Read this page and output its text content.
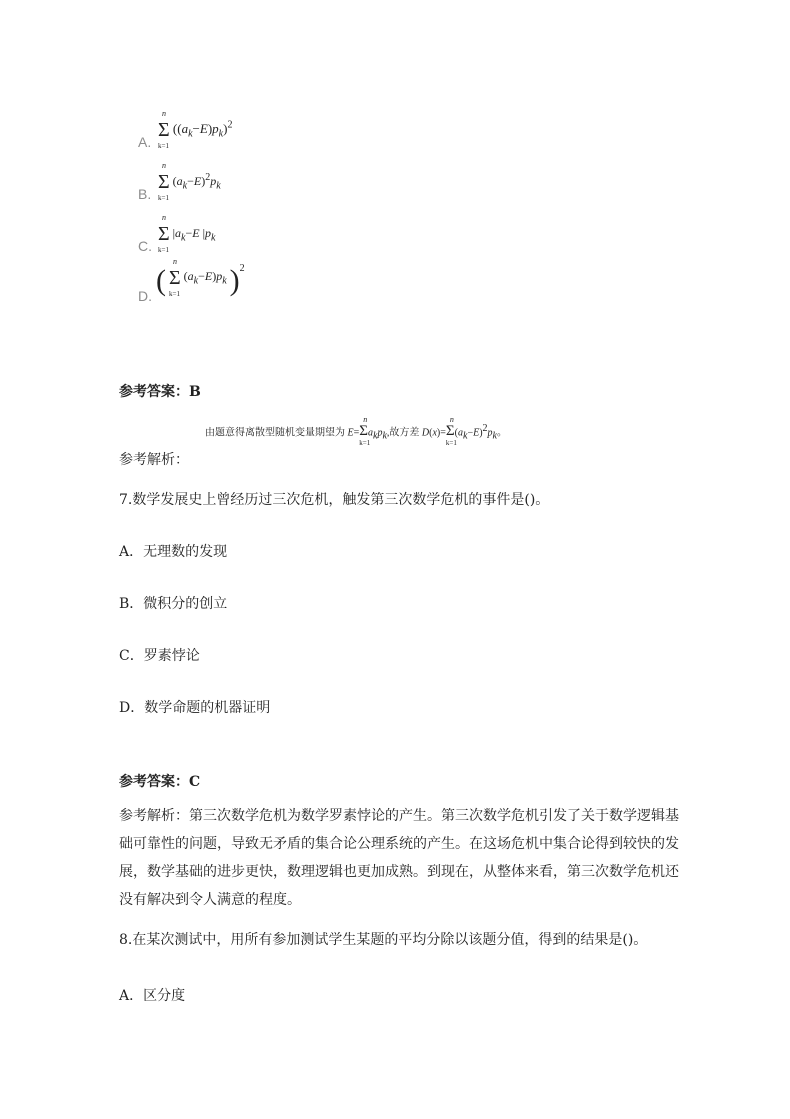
A.
Σ
n
k=1
$((a_k-E)p_k)^2$
B.
Σ
n
k=1
$(a_k-E)^2p_k$
C.
Σ
n
k=1
$|a_k-E$ $|p_k$
D. ( Σ
n
k=1
$(a_k-E)p_k$ )$^2$
参考答案：B
由题意得离散型随机变量期望为 E=Σ
n
k=1
$a_kp_k$,故方差 D(x)=Σ
n
k=1
$(a_k-E)^2p_k$。
参考解析：
7.数学发展史上曾经历过三次危机，触发第三次数学危机的事件是()。
A．无理数的发现
B．微积分的创立
C．罗素悖论
D．数学命题的机器证明
参考答案：C
参考解析：第三次数学危机为数学罗素悖论的产生。第三次数学危机引发了关于数学逻辑基础可靠性的问题，导致无矛盾的集合论公理系统的产生。在这场危机中集合论得到较快的发展，数学基础的进步更快，数理逻辑也更加成熟。到现在，从整体来看，第三次数学危机还没有解决到令人满意的程度。
8.在某次测试中，用所有参加测试学生某题的平均分除以该题分值，得到的结果是()。
A．区分度
